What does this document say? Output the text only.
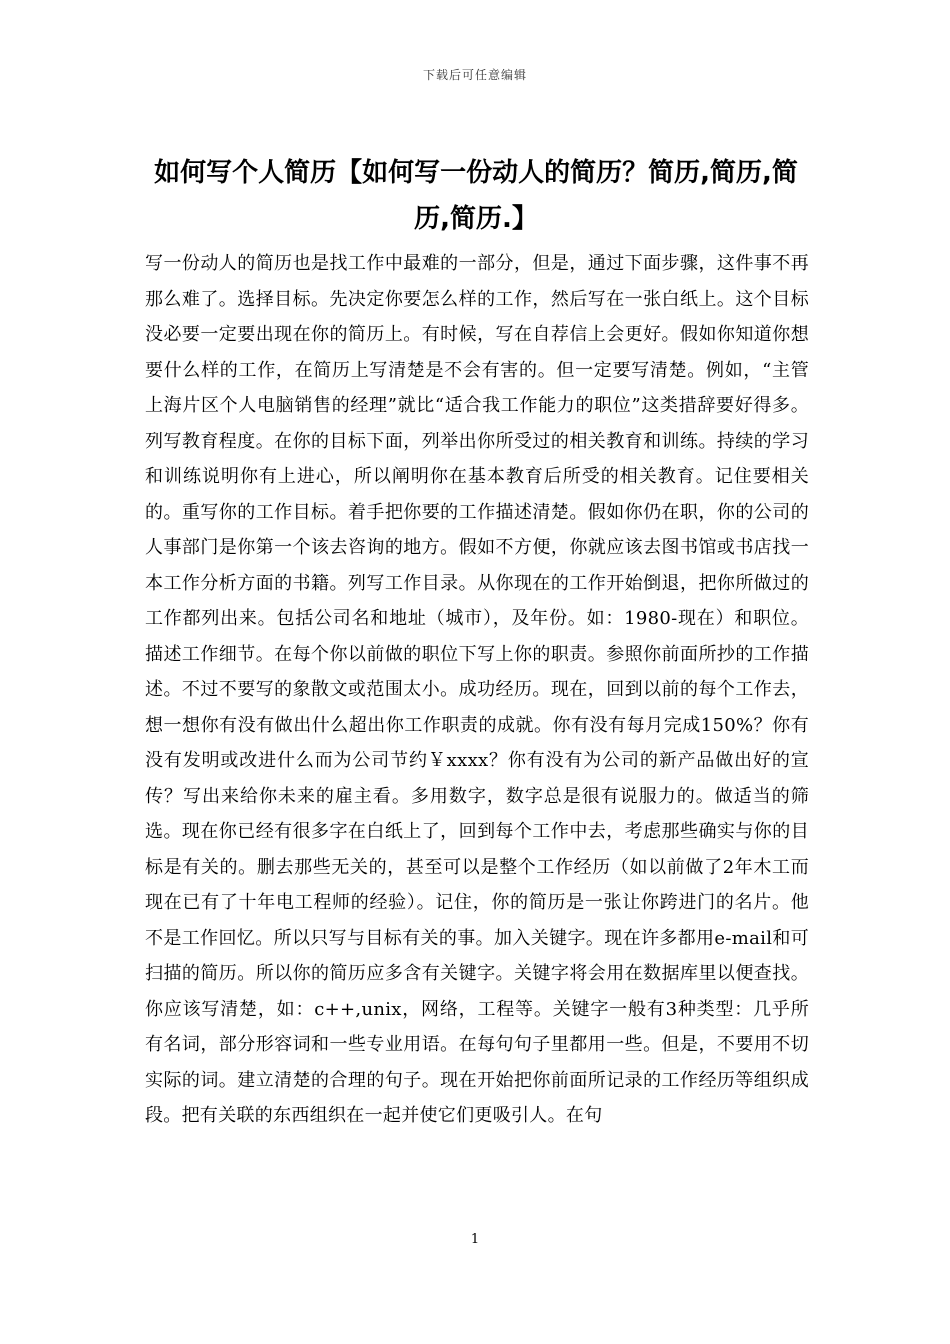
下载后可任意编辑
如何写个人简历【如何写一份动人的简历？简历,简历,简历,简历.】

写一份动人的简历也是找工作中最难的一部分，但是，通过下面步骤，这件事不再那么难了。选择目标。先决定你要怎么样的工作，然后写在一张白纸上。这个目标没必要一定要出现在你的简历上。有时候，写在自荐信上会更好。假如你知道你想要什么样的工作，在简历上写清楚是不会有害的。但一定要写清楚。例如，“主管上海片区个人电脑销售的经理”就比“适合我工作能力的职位”这类措辞要好得多。列写教育程度。在你的目标下面，列举出你所受过的相关教育和训练。持续的学习和训练说明你有上进心，所以阐明你在基本教育后所受的相关教育。记住要相关的。重写你的工作目标。着手把你要的工作描述清楚。假如你仍在职，你的公司的人事部门是你第一个该去咨询的地方。假如不方便，你就应该去图书馆或书店找一本工作分析方面的书籍。列写工作目录。从你现在的工作开始倒退，把你所做过的工作都列出来。包括公司名和地址（城市），及年份。如：1980-现在）和职位。描述工作细节。在每个你以前做的职位下写上你的职责。参照你前面所抄的工作描述。不过不要写的象散文或范围太小。成功经历。现在，回到以前的每个工作去，想一想你有没有做出什么超出你工作职责的成就。你有没有每月完成150%？你有没有发明或改进什么而为公司节约￥xxxx？你有没有为公司的新产品做出好的宣传？写出来给你未来的雇主看。多用数字，数字总是很有说服力的。做适当的筛选。现在你已经有很多字在白纸上了，回到每个工作中去，考虑那些确实与你的目标是有关的。删去那些无关的，甚至可以是整个工作经历（如以前做了2年木工而现在已有了十年电工程师的经验）。记住，你的简历是一张让你跨进门的名片。他不是工作回忆。所以只写与目标有关的事。加入关键字。现在许多都用e-mail和可扫描的简历。所以你的简历应多含有关键字。关键字将会用在数据库里以便查找。你应该写清楚，如：c++,unix，网络，工程等。关键字一般有3种类型：几乎所有名词，部分形容词和一些专业用语。在每句句子里都用一些。但是，不要用不切实际的词。建立清楚的合理的句子。现在开始把你前面所记录的工作经历等组织成段。把有关联的东西组织在一起并使它们更吸引人。在句

1
